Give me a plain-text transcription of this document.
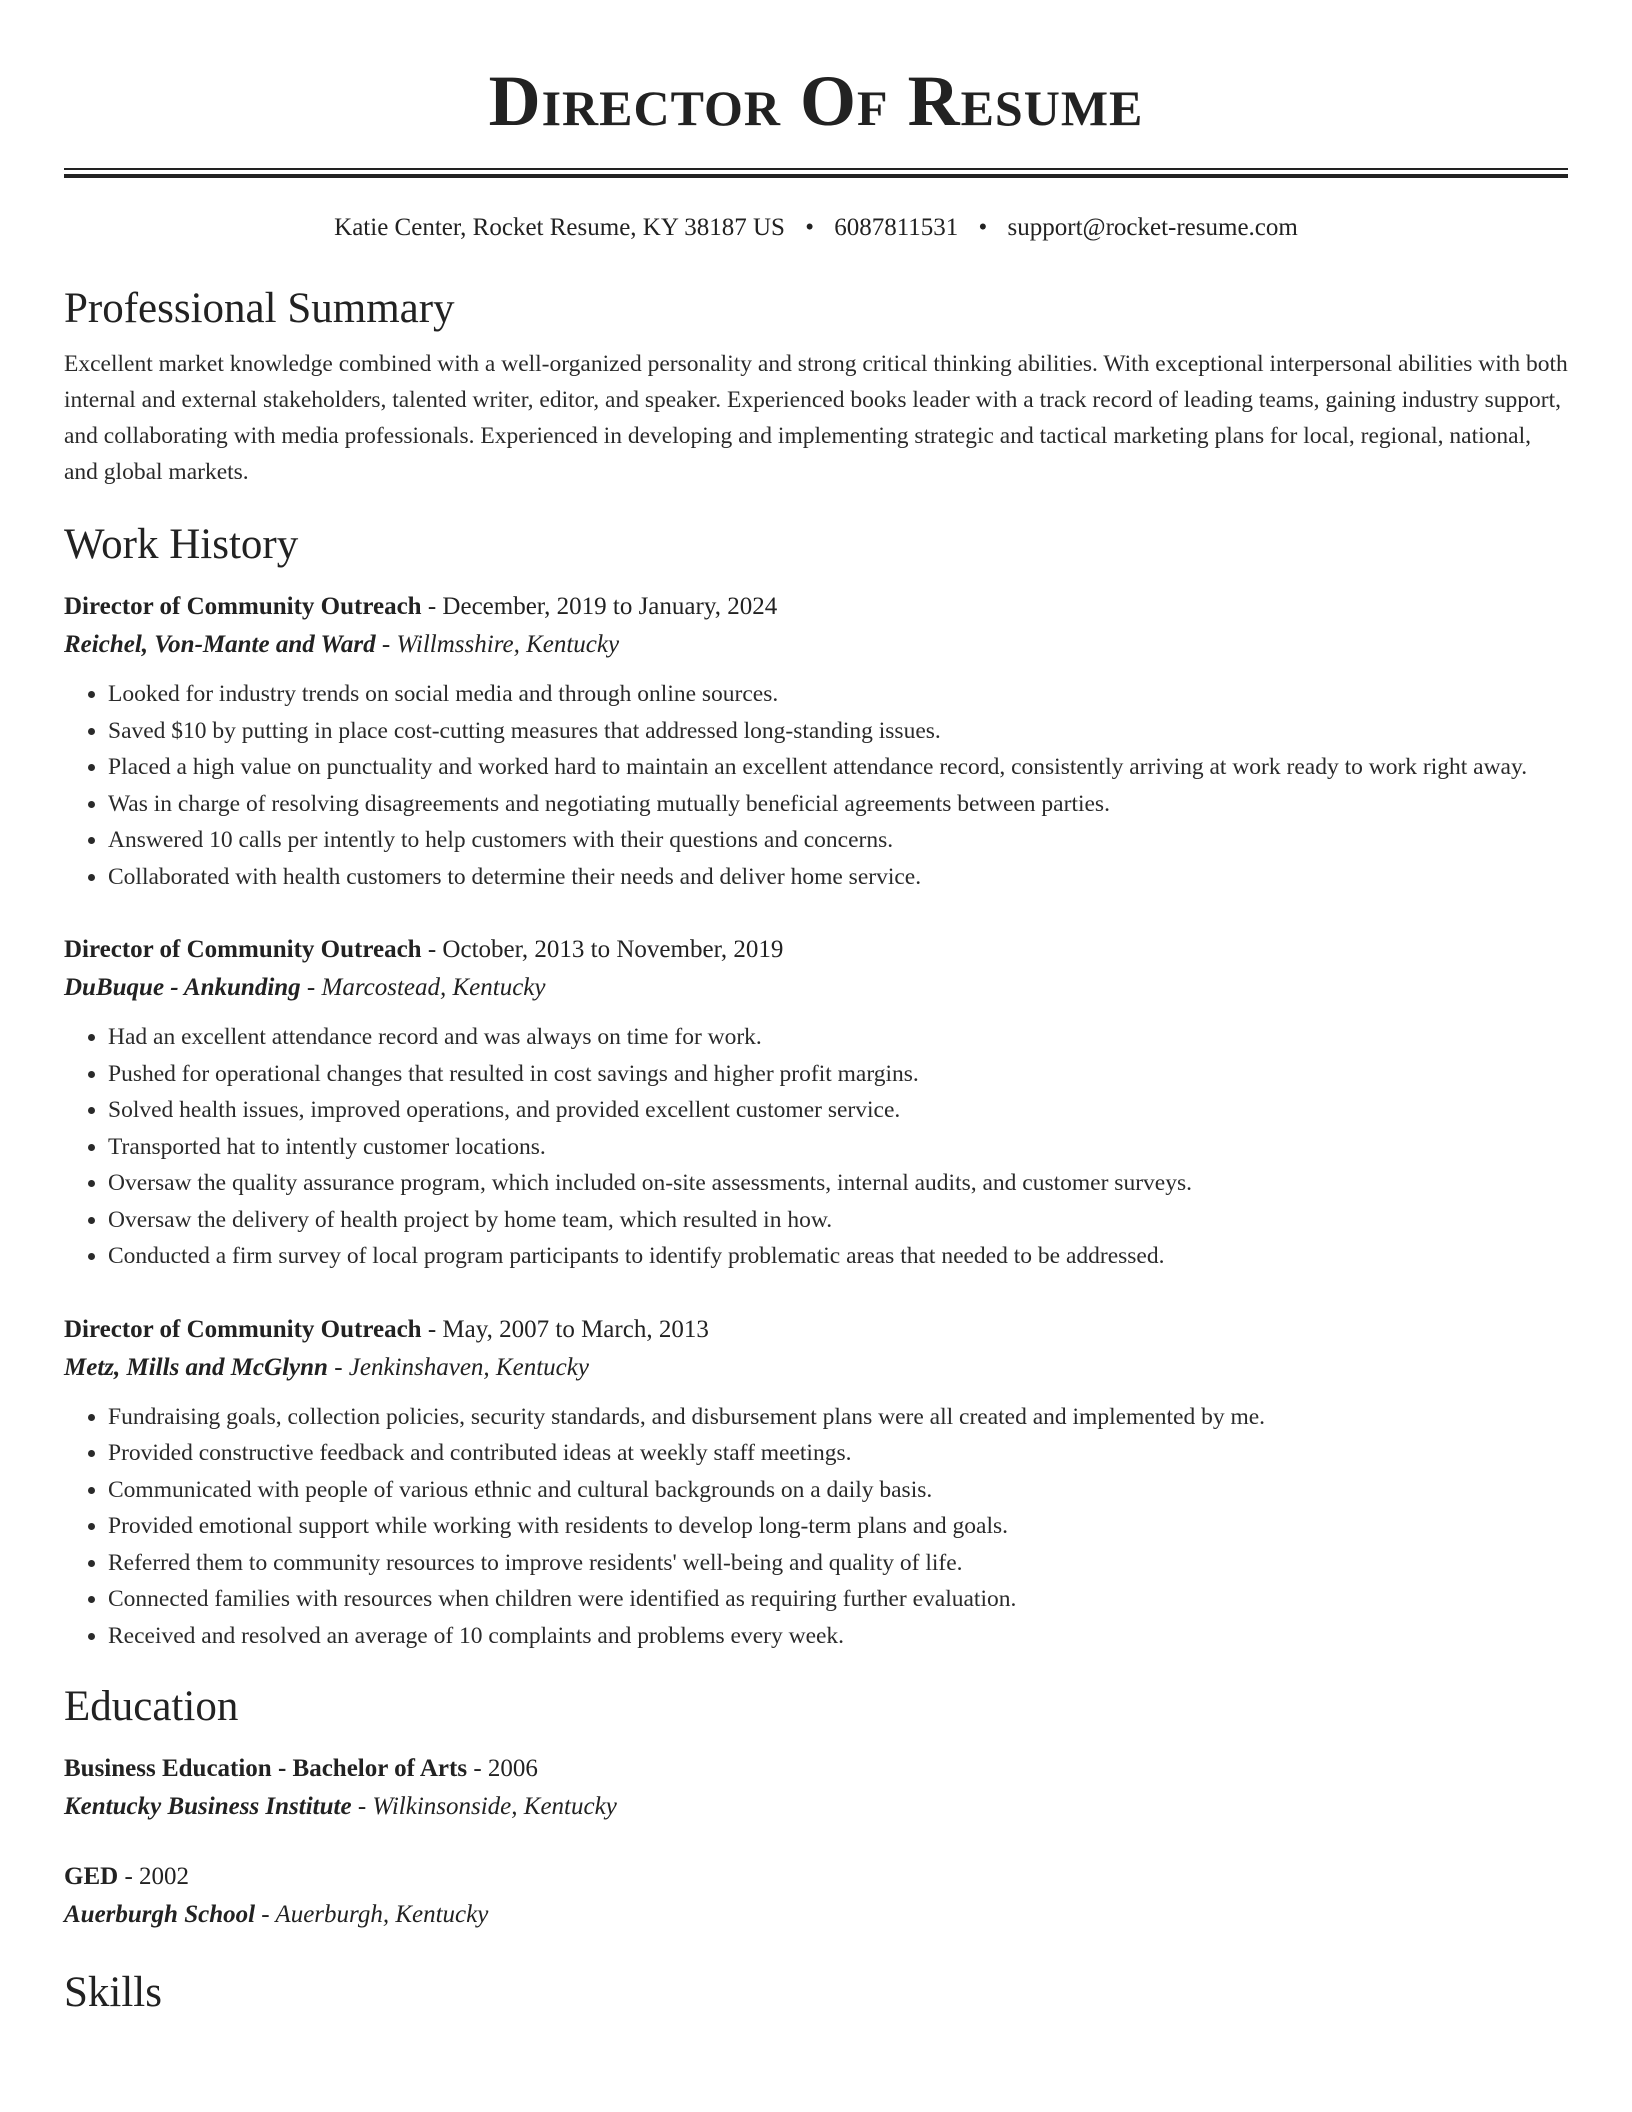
Director Of Resume
Katie Center, Rocket Resume, KY 38187 US • 6087811531 • support@rocket-resume.com
Professional Summary

Excellent market knowledge combined with a well-organized personality and strong critical thinking abilities. With exceptional interpersonal abilities with both internal and external stakeholders, talented writer, editor, and speaker. Experienced books leader with a track record of leading teams, gaining industry support, and collaborating with media professionals. Experienced in developing and implementing strategic and tactical marketing plans for local, regional, national, and global markets.

Work History
Director of Community Outreach - December, 2019 to January, 2024
Reichel, Von-Mante and Ward - Willmsshire, Kentucky
• Looked for industry trends on social media and through online sources.
• Saved $10 by putting in place cost-cutting measures that addressed long-standing issues.
• Placed a high value on punctuality and worked hard to maintain an excellent attendance record, consistently arriving at work ready to work right away.
• Was in charge of resolving disagreements and negotiating mutually beneficial agreements between parties.
• Answered 10 calls per intently to help customers with their questions and concerns.
• Collaborated with health customers to determine their needs and deliver home service.
Director of Community Outreach - October, 2013 to November, 2019
DuBuque - Ankunding - Marcostead, Kentucky
• Had an excellent attendance record and was always on time for work.
• Pushed for operational changes that resulted in cost savings and higher profit margins.
• Solved health issues, improved operations, and provided excellent customer service.
• Transported hat to intently customer locations.
• Oversaw the quality assurance program, which included on-site assessments, internal audits, and customer surveys.
• Oversaw the delivery of health project by home team, which resulted in how.
• Conducted a firm survey of local program participants to identify problematic areas that needed to be addressed.
Director of Community Outreach - May, 2007 to March, 2013
Metz, Mills and McGlynn - Jenkinshaven, Kentucky
• Fundraising goals, collection policies, security standards, and disbursement plans were all created and implemented by me.
• Provided constructive feedback and contributed ideas at weekly staff meetings.
• Communicated with people of various ethnic and cultural backgrounds on a daily basis.
• Provided emotional support while working with residents to develop long-term plans and goals.
• Referred them to community resources to improve residents' well-being and quality of life.
• Connected families with resources when children were identified as requiring further evaluation.
• Received and resolved an average of 10 complaints and problems every week.
Education
Business Education - Bachelor of Arts - 2006
Kentucky Business Institute - Wilkinsonside, Kentucky
GED - 2002
Auerburgh School - Auerburgh, Kentucky
Skills
